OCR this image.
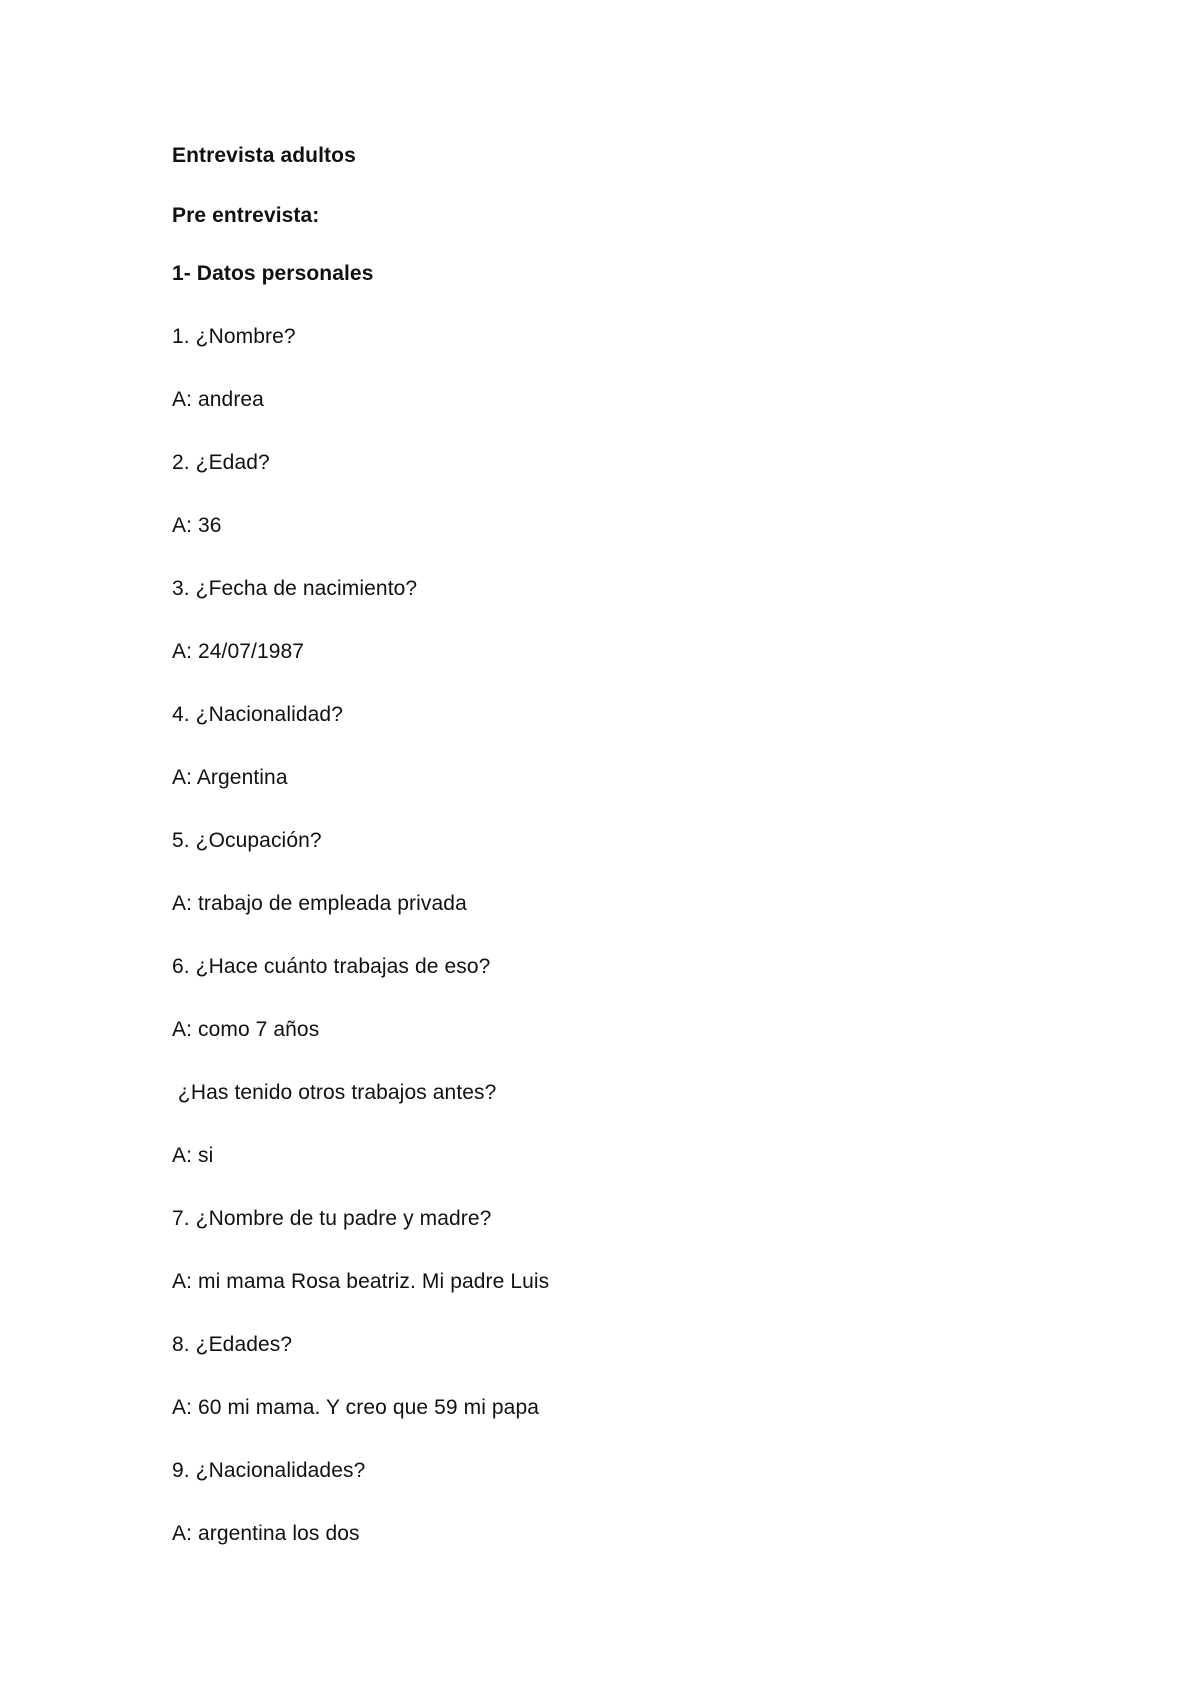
Entrevista adultos
Pre entrevista:
1- Datos personales
1. ¿Nombre?
A: andrea
2. ¿Edad?
A: 36
3. ¿Fecha de nacimiento?
A: 24/07/1987
4. ¿Nacionalidad?
A: Argentina
5. ¿Ocupación?
A: trabajo de empleada privada
6. ¿Hace cuánto trabajas de eso?
A: como 7 años
¿Has tenido otros trabajos antes?
A: si
7. ¿Nombre de tu padre y madre?
A: mi mama Rosa beatriz. Mi padre Luis
8. ¿Edades?
A: 60 mi mama. Y creo que 59 mi papa
9. ¿Nacionalidades?
A: argentina los dos
